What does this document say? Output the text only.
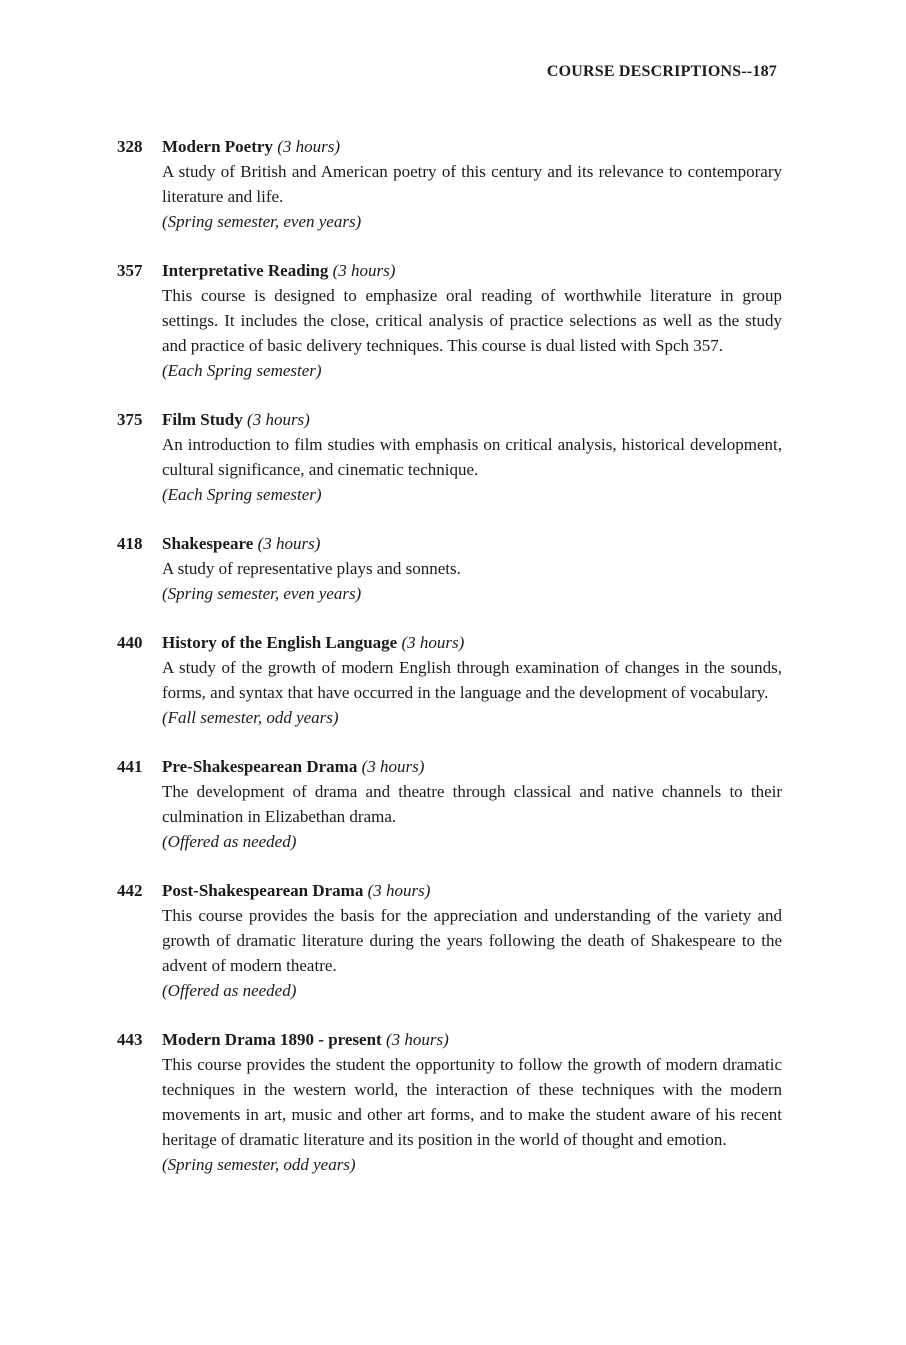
COURSE DESCRIPTIONS--187
328	Modern Poetry (3 hours)

A study of British and American poetry of this century and its relevance to contemporary literature and life.

(Spring semester, even years)

357	Interpretative Reading (3 hours)

This course is designed to emphasize oral reading of worthwhile literature in group settings. It includes the close, critical analysis of practice selections as well as the study and practice of basic delivery techniques. This course is dual listed with Spch 357.

(Each Spring semester)

375	Film Study (3 hours)

An introduction to film studies with emphasis on critical analysis, historical development, cultural significance, and cinematic technique.

(Each Spring semester)

418	Shakespeare (3 hours)

A study of representative plays and sonnets.

(Spring semester, even years)

440	History of the English Language (3 hours)

A study of the growth of modern English through examination of changes in the sounds, forms, and syntax that have occurred in the language and the development of vocabulary.

(Fall semester, odd years)

441	Pre-Shakespearean Drama (3 hours)

The development of drama and theatre through classical and native channels to their culmination in Elizabethan drama.

(Offered as needed)

442	Post-Shakespearean Drama (3 hours)

This course provides the basis for the appreciation and understanding of the variety and growth of dramatic literature during the years following the death of Shakespeare to the advent of modern theatre.

(Offered as needed)

443	Modern Drama 1890 - present (3 hours)

This course provides the student the opportunity to follow the growth of modern dramatic techniques in the western world, the interaction of these techniques with the modern movements in art, music and other art forms, and to make the student aware of his recent heritage of dramatic literature and its position in the world of thought and emotion.

(Spring semester, odd years)
